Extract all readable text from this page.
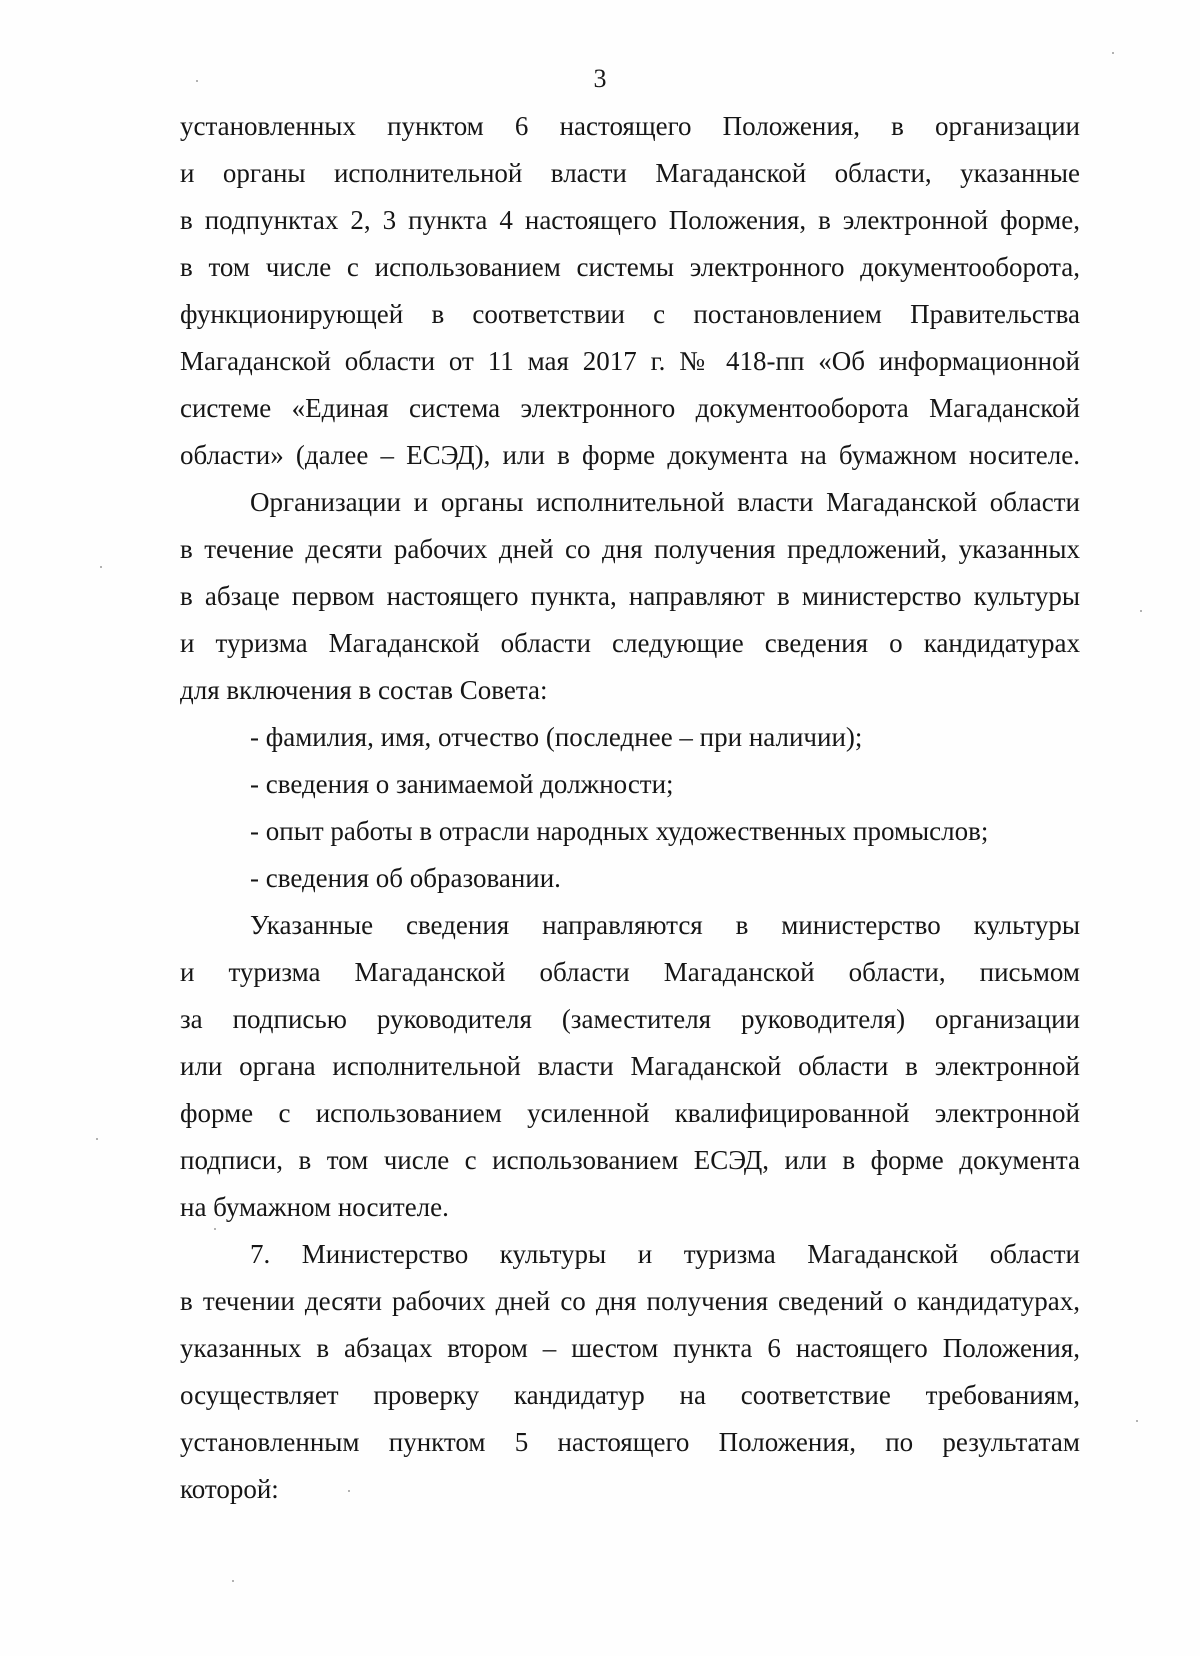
3
установленных пунктом 6 настоящего Положения, в организации
и органы исполнительной власти Магаданской области, указанные
в подпунктах 2, 3 пункта 4 настоящего Положения, в электронной форме,
в том числе с использованием системы электронного документооборота,
функционирующей в соответствии с постановлением Правительства
Магаданской области от 11 мая 2017 г. № 418-пп «Об информационной
системе «Единая система электронного документооборота Магаданской
области» (далее – ЕСЭД), или в форме документа на бумажном носителе.
Организации и органы исполнительной власти Магаданской области
в течение десяти рабочих дней со дня получения предложений, указанных
в абзаце первом настоящего пункта, направляют в министерство культуры
и туризма Магаданской области следующие сведения о кандидатурах
для включения в состав Совета:
- фамилия, имя, отчество (последнее – при наличии);
- сведения о занимаемой должности;
- опыт работы в отрасли народных художественных промыслов;
- сведения об образовании.
Указанные сведения направляются в министерство культуры
и туризма Магаданской области Магаданской области, письмом
за подписью руководителя (заместителя руководителя) организации
или органа исполнительной власти Магаданской области в электронной
форме с использованием усиленной квалифицированной электронной
подписи, в том числе с использованием ЕСЭД, или в форме документа
на бумажном носителе.
7. Министерство культуры и туризма Магаданской области
в течении десяти рабочих дней со дня получения сведений о кандидатурах,
указанных в абзацах втором – шестом пункта 6 настоящего Положения,
осуществляет проверку кандидатур на соответствие требованиям,
установленным пунктом 5 настоящего Положения, по результатам
которой:
